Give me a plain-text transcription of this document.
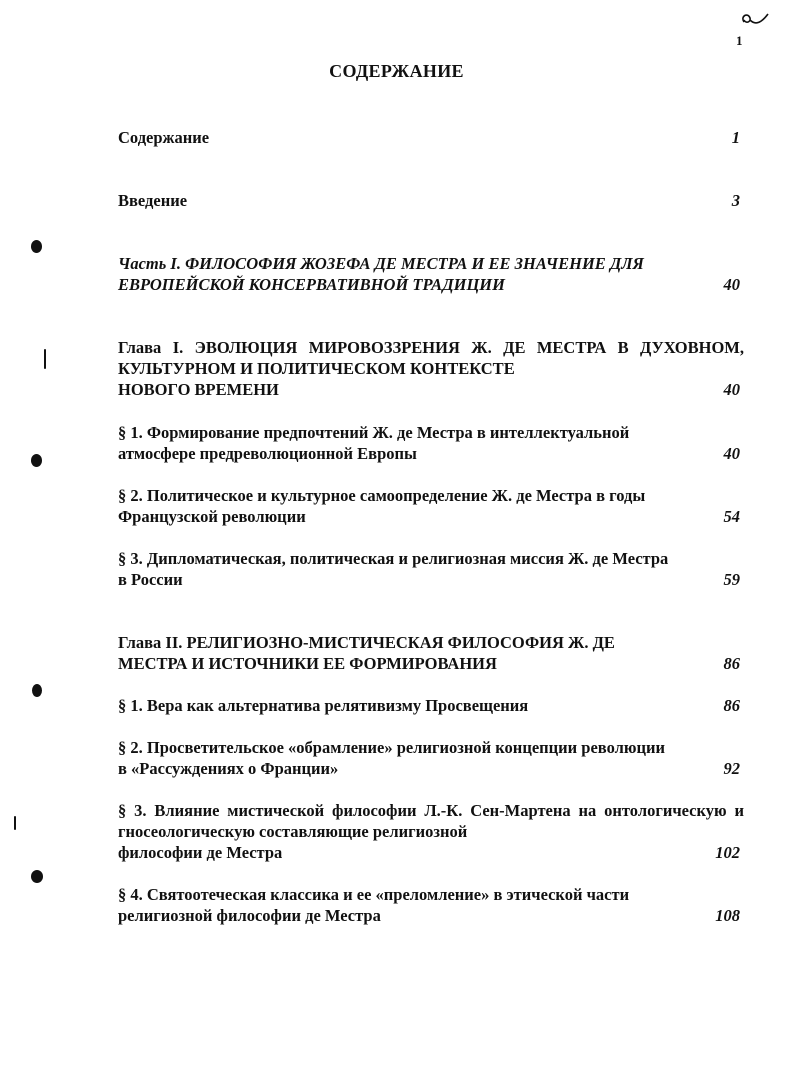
1
СОДЕРЖАНИЕ
Содержание	1
Введение	3
Часть I. ФИЛОСОФИЯ ЖОЗЕФА ДЕ МЕСТРА И ЕЕ ЗНАЧЕНИЕ ДЛЯ
ЕВРОПЕЙСКОЙ КОНСЕРВАТИВНОЙ ТРАДИЦИИ	40
Глава I. ЭВОЛЮЦИЯ МИРОВОЗЗРЕНИЯ Ж. ДЕ МЕСТРА В ДУХОВНОМ, КУЛЬТУРНОМ И ПОЛИТИЧЕСКОМ КОНТЕКСТЕ
НОВОГО ВРЕМЕНИ	40
§ 1. Формирование предпочтений Ж. де Местра в интеллектуальной
атмосфере предреволюционной Европы	40
§ 2. Политическое и культурное самоопределение Ж. де Местра в годы
Французской революции	54
§ 3. Дипломатическая, политическая и религиозная миссия Ж. де Местра
в России	59
Глава II. РЕЛИГИОЗНО-МИСТИЧЕСКАЯ ФИЛОСОФИЯ Ж. ДЕ
МЕСТРА И ИСТОЧНИКИ ЕЕ ФОРМИРОВАНИЯ	86
§ 1. Вера как альтернатива релятивизму Просвещения	86
§ 2. Просветительское «обрамление» религиозной концепции революции
в «Рассуждениях о Франции»	92
§ 3. Влияние мистической философии Л.-К. Сен-Мартена на онтологическую и гносеологическую составляющие религиозной
философии де Местра	102
§ 4. Святоотеческая классика и ее «преломление» в этической части
религиозной философии де Местра	108
